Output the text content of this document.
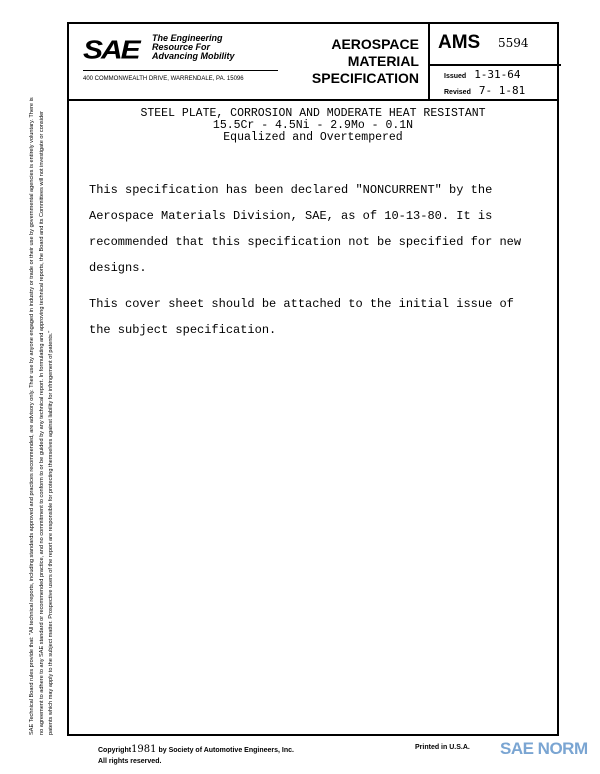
SAE Technical Board rules provide that: "All technical reports, including standards approved and practices recommended, are advisory only. Their use by anyone engaged in industry or trade or their use by governmental agencies is entirely voluntary. There is no agreement to adhere to any SAE standard or recommended practice, and no commitment to conform to or be guided by any technical report. In formulating and approving technical reports, the Board and its Committees will not investigate or consider patents which may apply to the subject matter. Prospective users of the report are responsible for protecting themselves against liability for infringement of patents."
SAE The Engineering
Resource For
Advancing Mobility
400 COMMONWEALTH DRIVE, WARRENDALE, PA. 15096
AEROSPACE
MATERIAL
SPECIFICATION
AMS 5594
Issued 1-31-64
Revised 7- 1-81
STEEL PLATE, CORROSION AND MODERATE HEAT RESISTANT
15.5Cr - 4.5Ni - 2.9Mo - 0.1N
Equalized and Overtempered

This specification has been declared "NONCURRENT" by the Aerospace Materials Division, SAE, as of 10-13-80. It is recommended that this specification not be specified for new designs.

This cover sheet should be attached to the initial issue of the subject specification.

Copyright1981 by Society of Automotive Engineers, Inc.
All rights reserved.
Printed in U.S.A. SAE NORM
